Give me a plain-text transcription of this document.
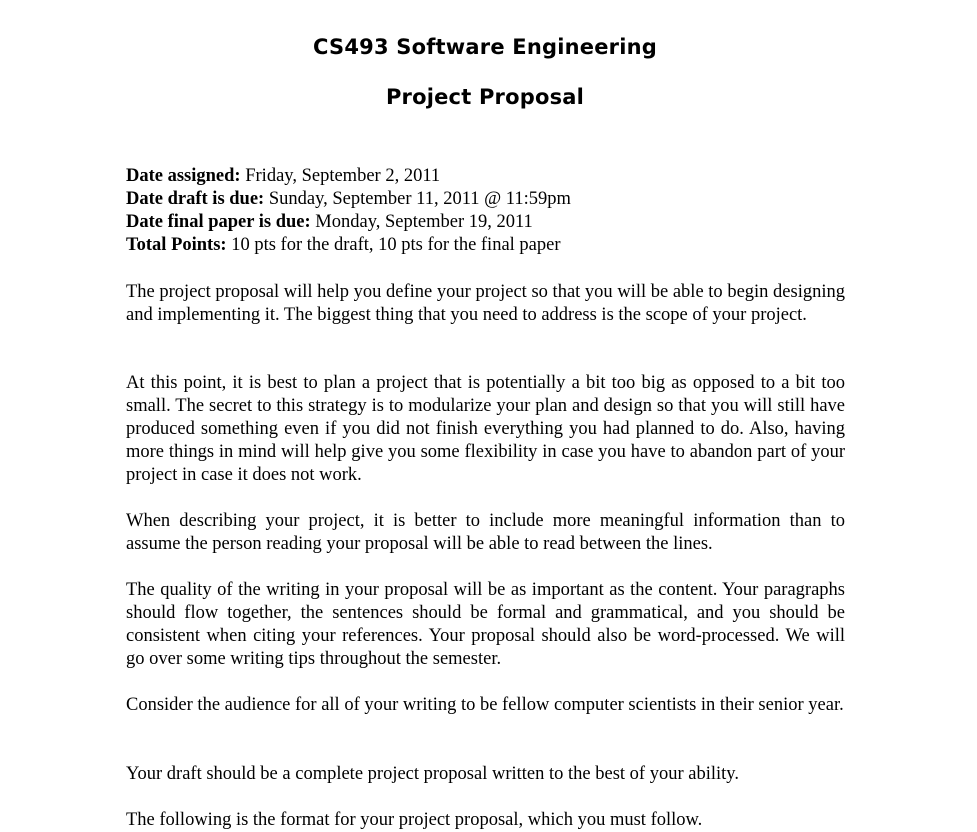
CS493 Software Engineering
Project Proposal
Date assigned: Friday, September 2, 2011
Date draft is due: Sunday, September 11, 2011 @ 11:59pm
Date final paper is due: Monday, September 19, 2011
Total Points: 10 pts for the draft, 10 pts for the final paper

The project proposal will help you define your project so that you will be able to begin designing and implementing it. The biggest thing that you need to address is the scope of your project.

At this point, it is best to plan a project that is potentially a bit too big as opposed to a bit too small. The secret to this strategy is to modularize your plan and design so that you will still have produced something even if you did not finish everything you had planned to do. Also, having more things in mind will help give you some flexibility in case you have to abandon part of your project in case it does not work.

When describing your project, it is better to include more meaningful information than to assume the person reading your proposal will be able to read between the lines.

The quality of the writing in your proposal will be as important as the content. Your paragraphs should flow together, the sentences should be formal and grammatical, and you should be consistent when citing your references. Your proposal should also be word-processed. We will go over some writing tips throughout the semester.

Consider the audience for all of your writing to be fellow computer scientists in their senior year.

Your draft should be a complete project proposal written to the best of your ability.

The following is the format for your project proposal, which you must follow.
